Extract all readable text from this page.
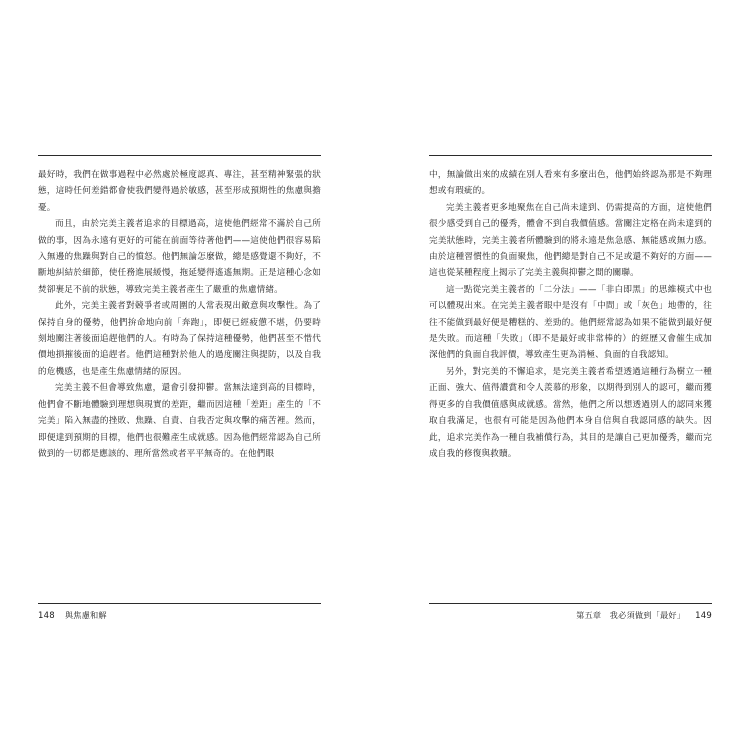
最好時，我們在做事過程中必然處於極度認真、專注，甚至精神緊張的狀態，這時任何差錯都會使我們變得過於敏感，甚至形成預期性的焦慮與擔憂。

而且，由於完美主義者追求的目標過高，這使他們經常不滿於自己所做的事，因為永遠有更好的可能在前面等待著他們——這使他們很容易陷入無邊的焦躁與對自己的憤怒。他們無論怎麼做，總是感覺還不夠好，不斷地糾結於細節，使任務進展緩慢，拖延變得遙遙無期。正是這種心念如焚卻裹足不前的狀態，導致完美主義者產生了嚴重的焦慮情緒。

此外，完美主義者對競爭者或周圍的人常表現出敵意與攻擊性。為了保持自身的優勢，他們拚命地向前「奔跑」，即便已經疲憊不堪，仍要時刻地關注著後面追趕他們的人。有時為了保持這種優勢，他們甚至不惜代價地損摧後面的追趕者。他們這種對於他人的過度關注與提防，以及自我的危機感，也是產生焦慮情緒的原因。

完美主義不但會導致焦慮，還會引發抑鬱。當無法達到高的目標時，他們會不斷地體驗到理想與現實的差距，繼而因這種「差距」產生的「不完美」陷入無盡的挫敗、焦躁、自責、自我否定與攻擊的痛苦裡。然而，即便達到預期的目標，他們也很難產生成就感。因為他們經常認為自己所做到的一切都是應該的、理所當然或者平平無奇的。在他們眼

148 與焦慮和解

中，無論做出來的成績在別人看來有多麼出色，他們始終認為那是不夠理想或有瑕疵的。

完美主義者更多地聚焦在自己尚未達到、仍需提高的方面，這使他們很少感受到自己的優秀，體會不到自我價值感。當關注定格在尚未達到的完美狀態時，完美主義者所體驗到的將永遠是焦急感、無能感或無力感。由於這種習慣性的負面聚焦，他們總是對自己不足或還不夠好的方面——這也從某種程度上揭示了完美主義與抑鬱之間的關聯。

這一點從完美主義者的「二分法」——「非白即黑」的思維模式中也可以體現出來。在完美主義者眼中是沒有「中間」或「灰色」地帶的，往往不能做到最好便是糟糕的、差勁的。他們經常認為如果不能做到最好便是失敗。而這種「失敗」（即不是最好或非常棒的）的經歷又會催生成加深他們的負面自我評價，導致產生更為消極、負面的自我認知。

另外，對完美的不懈追求，是完美主義者希望透過這種行為樹立一種正面、強大、值得讚賞和令人羨慕的形象，以期得到別人的認可，繼而獲得更多的自我價值感與成就感。當然，他們之所以想透過別人的認同來獲取自我滿足，也很有可能是因為他們本身自信與自我認同感的缺失。因此，追求完美作為一種自我補償行為，其目的是讓自己更加優秀，繼而完成自我的修復與救贖。

第五章　我必須做到「最好」 149
